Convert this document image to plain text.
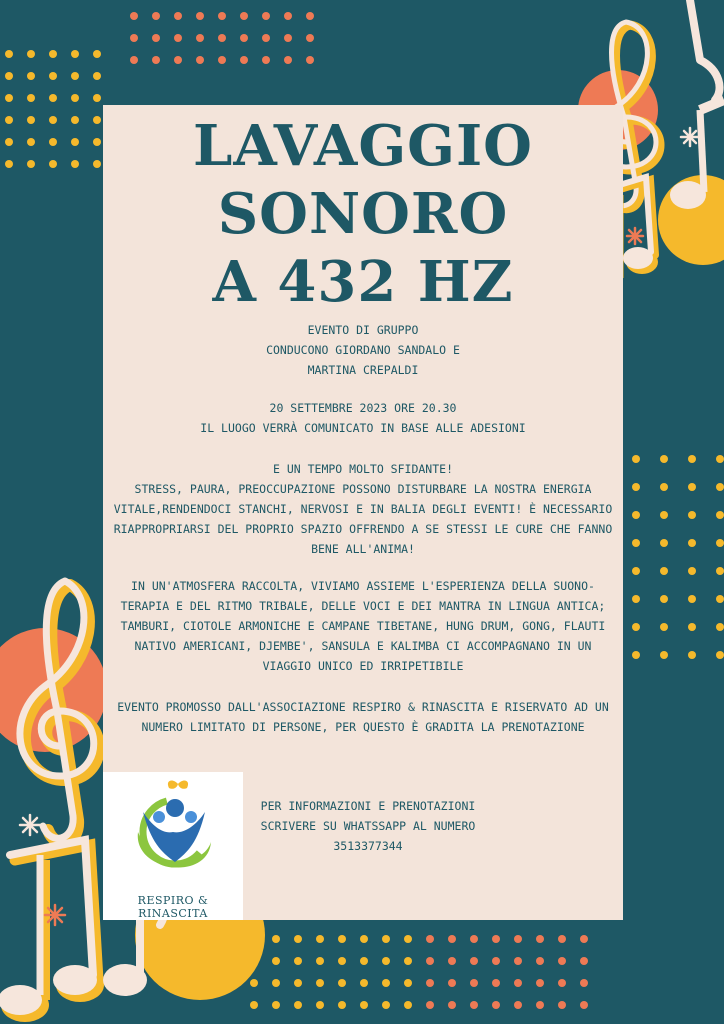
LAVAGGIO
SONORO
A 432 HZ
EVENTO DI GRUPPO
CONDUCONO GIORDANO SANDALO E
MARTINA CREPALDI
20 SETTEMBRE 2023 ORE 20.30
IL LUOGO VERRÀ COMUNICATO IN BASE ALLE ADESIONI
E UN TEMPO MOLTO SFIDANTE!
STRESS, PAURA, PREOCCUPAZIONE POSSONO DISTURBARE LA NOSTRA ENERGIA
VITALE,RENDENDOCI STANCHI, NERVOSI E IN BALIA DEGLI EVENTI! È NECESSARIO
RIAPPROPRIARSI DEL PROPRIO SPAZIO OFFRENDO A SE STESSI LE CURE CHE FANNO
BENE ALL'ANIMA!
IN UN'ATMOSFERA RACCOLTA, VIVIAMO ASSIEME L'ESPERIENZA DELLA SUONO-
TERAPIA E DEL RITMO TRIBALE, DELLE VOCI E DEI MANTRA IN LINGUA ANTICA;
TAMBURI, CIOTOLE ARMONICHE E CAMPANE TIBETANE, HUNG DRUM, GONG, FLAUTI
NATIVO AMERICANI, DJEMBE', SANSULA E KALIMBA CI ACCOMPAGNANO IN UN
VIAGGIO UNICO ED IRRIPETIBILE
EVENTO PROMOSSO DALL'ASSOCIAZIONE RESPIRO & RINASCITA E RISERVATO AD UN
NUMERO LIMITATO DI PERSONE, PER QUESTO È GRADITA LA PRENOTAZIONE
RESPIRO & RINASCITA
PER INFORMAZIONI E PRENOTAZIONI
SCRIVERE SU WHATSSAPP AL NUMERO
3513377344
